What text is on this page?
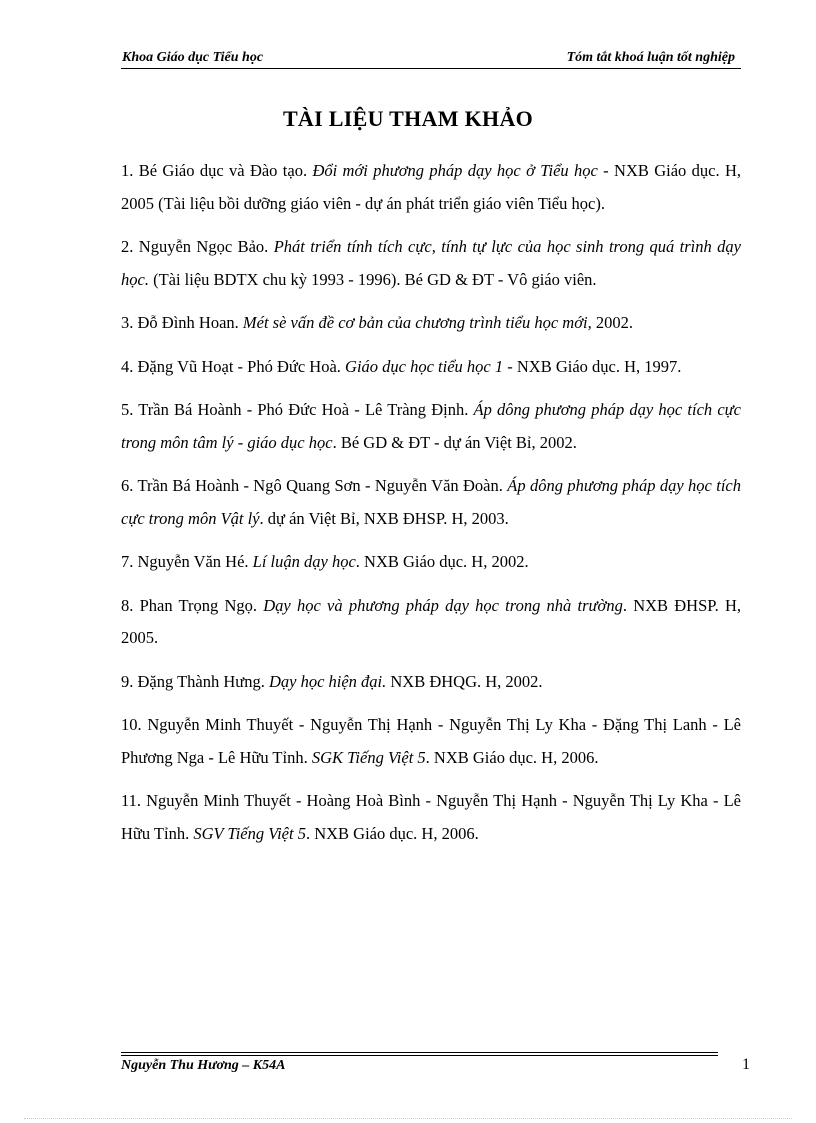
Khoa Giáo dục Tiểu học	Tóm tắt khoá luận tốt nghiệp
TÀI LIỆU THAM KHẢO
1. Bé Giáo dục và Đào tạo. Đổi mới phương pháp dạy học ở Tiểu học - NXB Giáo dục. H, 2005 (Tài liệu bồi dưỡng giáo viên - dự án phát triển giáo viên Tiểu học).
2. Nguyễn Ngọc Bảo. Phát triển tính tích cực, tính tự lực của học sinh trong quá trình dạy học. (Tài liệu BDTX chu kỳ 1993 - 1996). Bé GD & ĐT - Vô giáo viên.
3. Đỗ Đình Hoan. Mét sè vấn đề cơ bản của chương trình tiểu học mới, 2002.
4. Đặng Vũ Hoạt - Phó Đức Hoà. Giáo dục học tiểu học 1 - NXB Giáo dục. H, 1997.
5. Trần Bá Hoành - Phó Đức Hoà - Lê Tràng Định. Áp dông phương pháp dạy học tích cực trong môn tâm lý - giáo dục học. Bé GD & ĐT - dự án Việt Bỉ, 2002.
6. Trần Bá Hoành - Ngô Quang Sơn - Nguyễn Văn Đoàn. Áp dông phương pháp dạy học tích cực trong môn Vật lý. dự án Việt Bỉ, NXB ĐHSP. H, 2003.
7. Nguyễn Văn Hé. Lí luận dạy học. NXB Giáo dục. H, 2002.
8. Phan Trọng Ngọ. Dạy học và phương pháp dạy học trong nhà trường. NXB ĐHSP. H, 2005.
9. Đặng Thành Hưng. Dạy học hiện đại. NXB ĐHQG. H, 2002.
10. Nguyễn Minh Thuyết - Nguyễn Thị Hạnh - Nguyễn Thị Ly Kha - Đặng Thị Lanh - Lê Phương Nga - Lê Hữu Tỉnh. SGK Tiếng Việt 5. NXB Giáo dục. H, 2006.
11. Nguyễn Minh Thuyết - Hoàng Hoà Bình - Nguyễn Thị Hạnh - Nguyễn Thị Ly Kha - Lê Hữu Tỉnh. SGV Tiếng Việt 5. NXB Giáo dục. H, 2006.
Nguyễn Thu Hương – K54A	1
